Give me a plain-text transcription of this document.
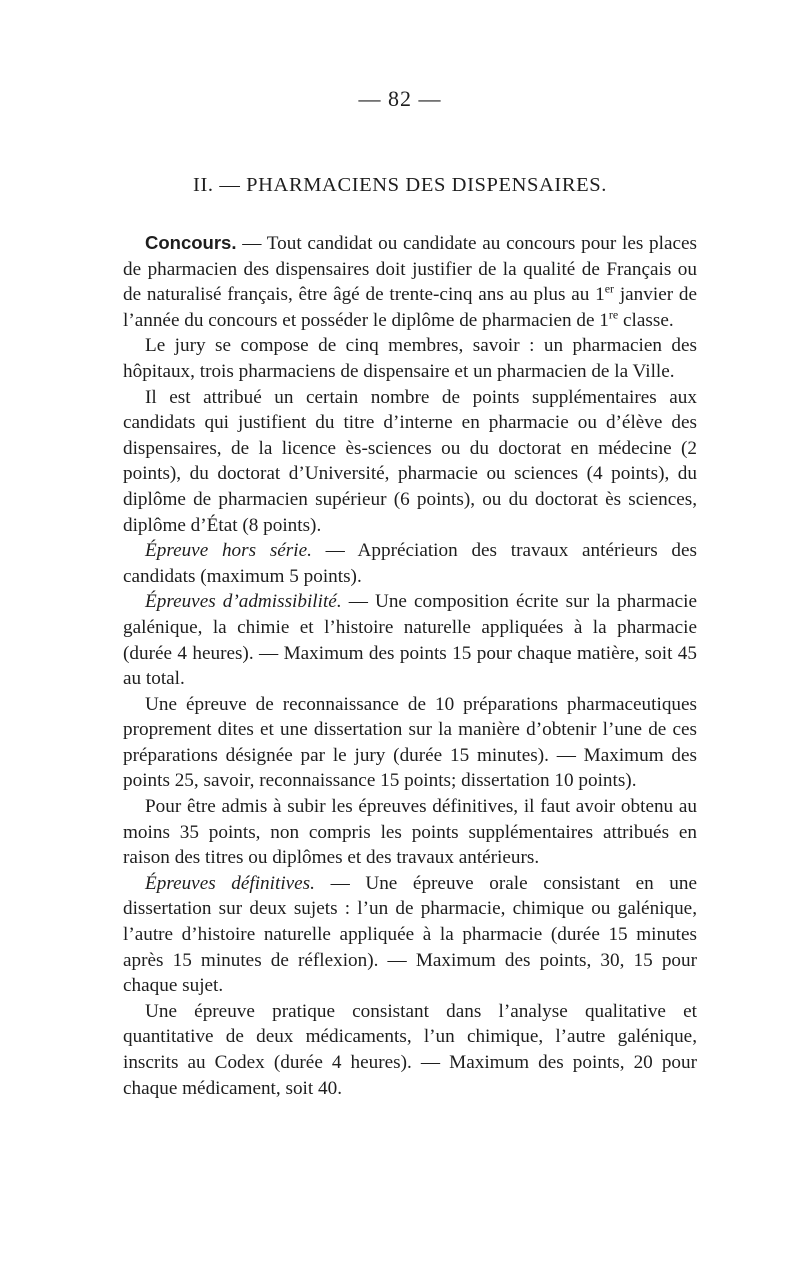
— 82 —
II. — PHARMACIENS DES DISPENSAIRES.

Concours. — Tout candidat ou candidate au concours pour les places de pharmacien des dispensaires doit justifier de la qualité de Français ou de naturalisé français, être âgé de trente-cinq ans au plus au 1er janvier de l’année du concours et posséder le diplôme de pharmacien de 1re classe.

Le jury se compose de cinq membres, savoir : un pharmacien des hôpitaux, trois pharmaciens de dispensaire et un pharmacien de la Ville.

Il est attribué un certain nombre de points supplémentaires aux candidats qui justifient du titre d’interne en pharmacie ou d’élève des dispensaires, de la licence ès-sciences ou du doctorat en médecine (2 points), du doctorat d’Université, pharmacie ou sciences (4 points), du diplôme de pharmacien supérieur (6 points), ou du doctorat ès sciences, diplôme d’État (8 points).

Épreuve hors série. — Appréciation des travaux antérieurs des candidats (maximum 5 points).

Épreuves d’admissibilité. — Une composition écrite sur la pharmacie galénique, la chimie et l’histoire naturelle appliquées à la pharmacie (durée 4 heures). — Maximum des points 15 pour chaque matière, soit 45 au total.

Une épreuve de reconnaissance de 10 préparations pharmaceutiques proprement dites et une dissertation sur la manière d’obtenir l’une de ces préparations désignée par le jury (durée 15 minutes). — Maximum des points 25, savoir, reconnaissance 15 points; dissertation 10 points).

Pour être admis à subir les épreuves définitives, il faut avoir obtenu au moins 35 points, non compris les points supplémentaires attribués en raison des titres ou diplômes et des travaux antérieurs.

Épreuves définitives. — Une épreuve orale consistant en une dissertation sur deux sujets : l’un de pharmacie, chimique ou galénique, l’autre d’histoire naturelle appliquée à la pharmacie (durée 15 minutes après 15 minutes de réflexion). — Maximum des points, 30, 15 pour chaque sujet.

Une épreuve pratique consistant dans l’analyse qualitative et quantitative de deux médicaments, l’un chimique, l’autre galénique, inscrits au Codex (durée 4 heures). — Maximum des points, 20 pour chaque médicament, soit 40.
